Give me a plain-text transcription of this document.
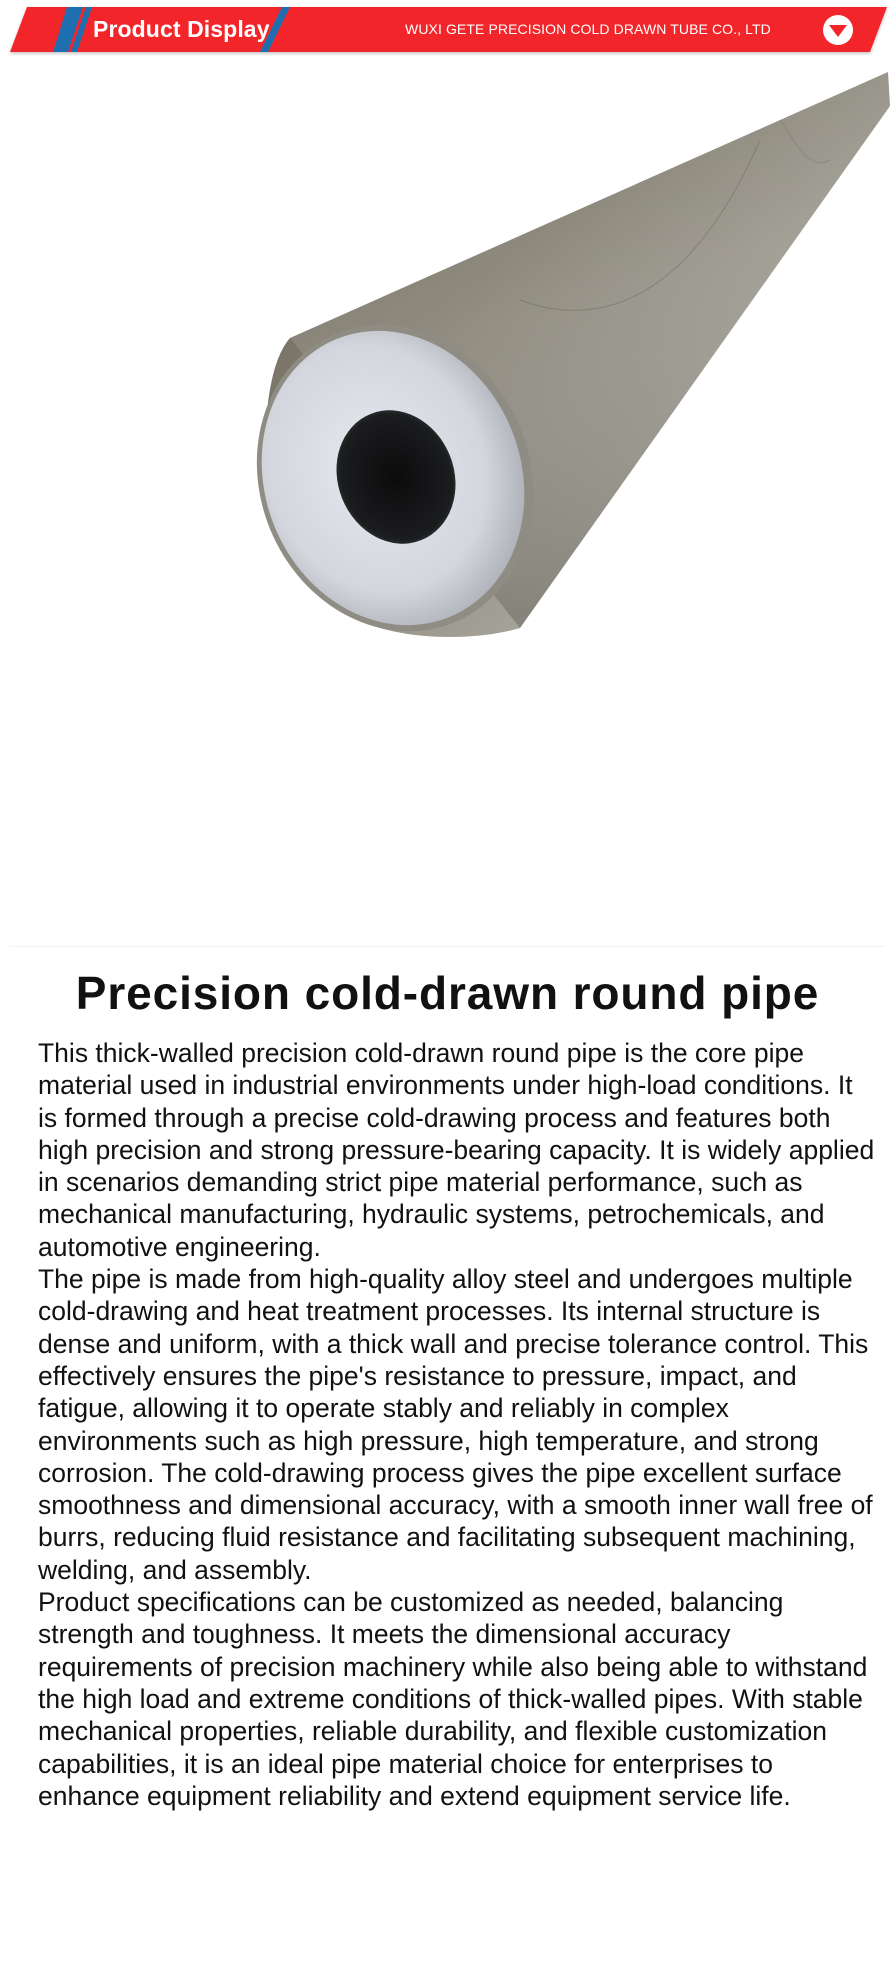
Product Display	WUXI GETE PRECISION COLD DRAWN TUBE CO., LTD
Precision cold-drawn round pipe

This thick-walled precision cold-drawn round pipe is the core pipe material used in industrial environments under high-load conditions. It is formed through a precise cold-drawing process and features both high precision and strong pressure-bearing capacity. It is widely applied in scenarios demanding strict pipe material performance, such as mechanical manufacturing, hydraulic systems, petrochemicals, and automotive engineering.

The pipe is made from high-quality alloy steel and undergoes multiple cold-drawing and heat treatment processes. Its internal structure is dense and uniform, with a thick wall and precise tolerance control. This effectively ensures the pipe's resistance to pressure, impact, and fatigue, allowing it to operate stably and reliably in complex environments such as high pressure, high temperature, and strong corrosion. The cold-drawing process gives the pipe excellent surface smoothness and dimensional accuracy, with a smooth inner wall free of burrs, reducing fluid resistance and facilitating subsequent machining, welding, and assembly.

Product specifications can be customized as needed, balancing strength and toughness. It meets the dimensional accuracy requirements of precision machinery while also being able to withstand the high load and extreme conditions of thick-walled pipes. With stable mechanical properties, reliable durability, and flexible customization capabilities, it is an ideal pipe material choice for enterprises to enhance equipment reliability and extend equipment service life.
